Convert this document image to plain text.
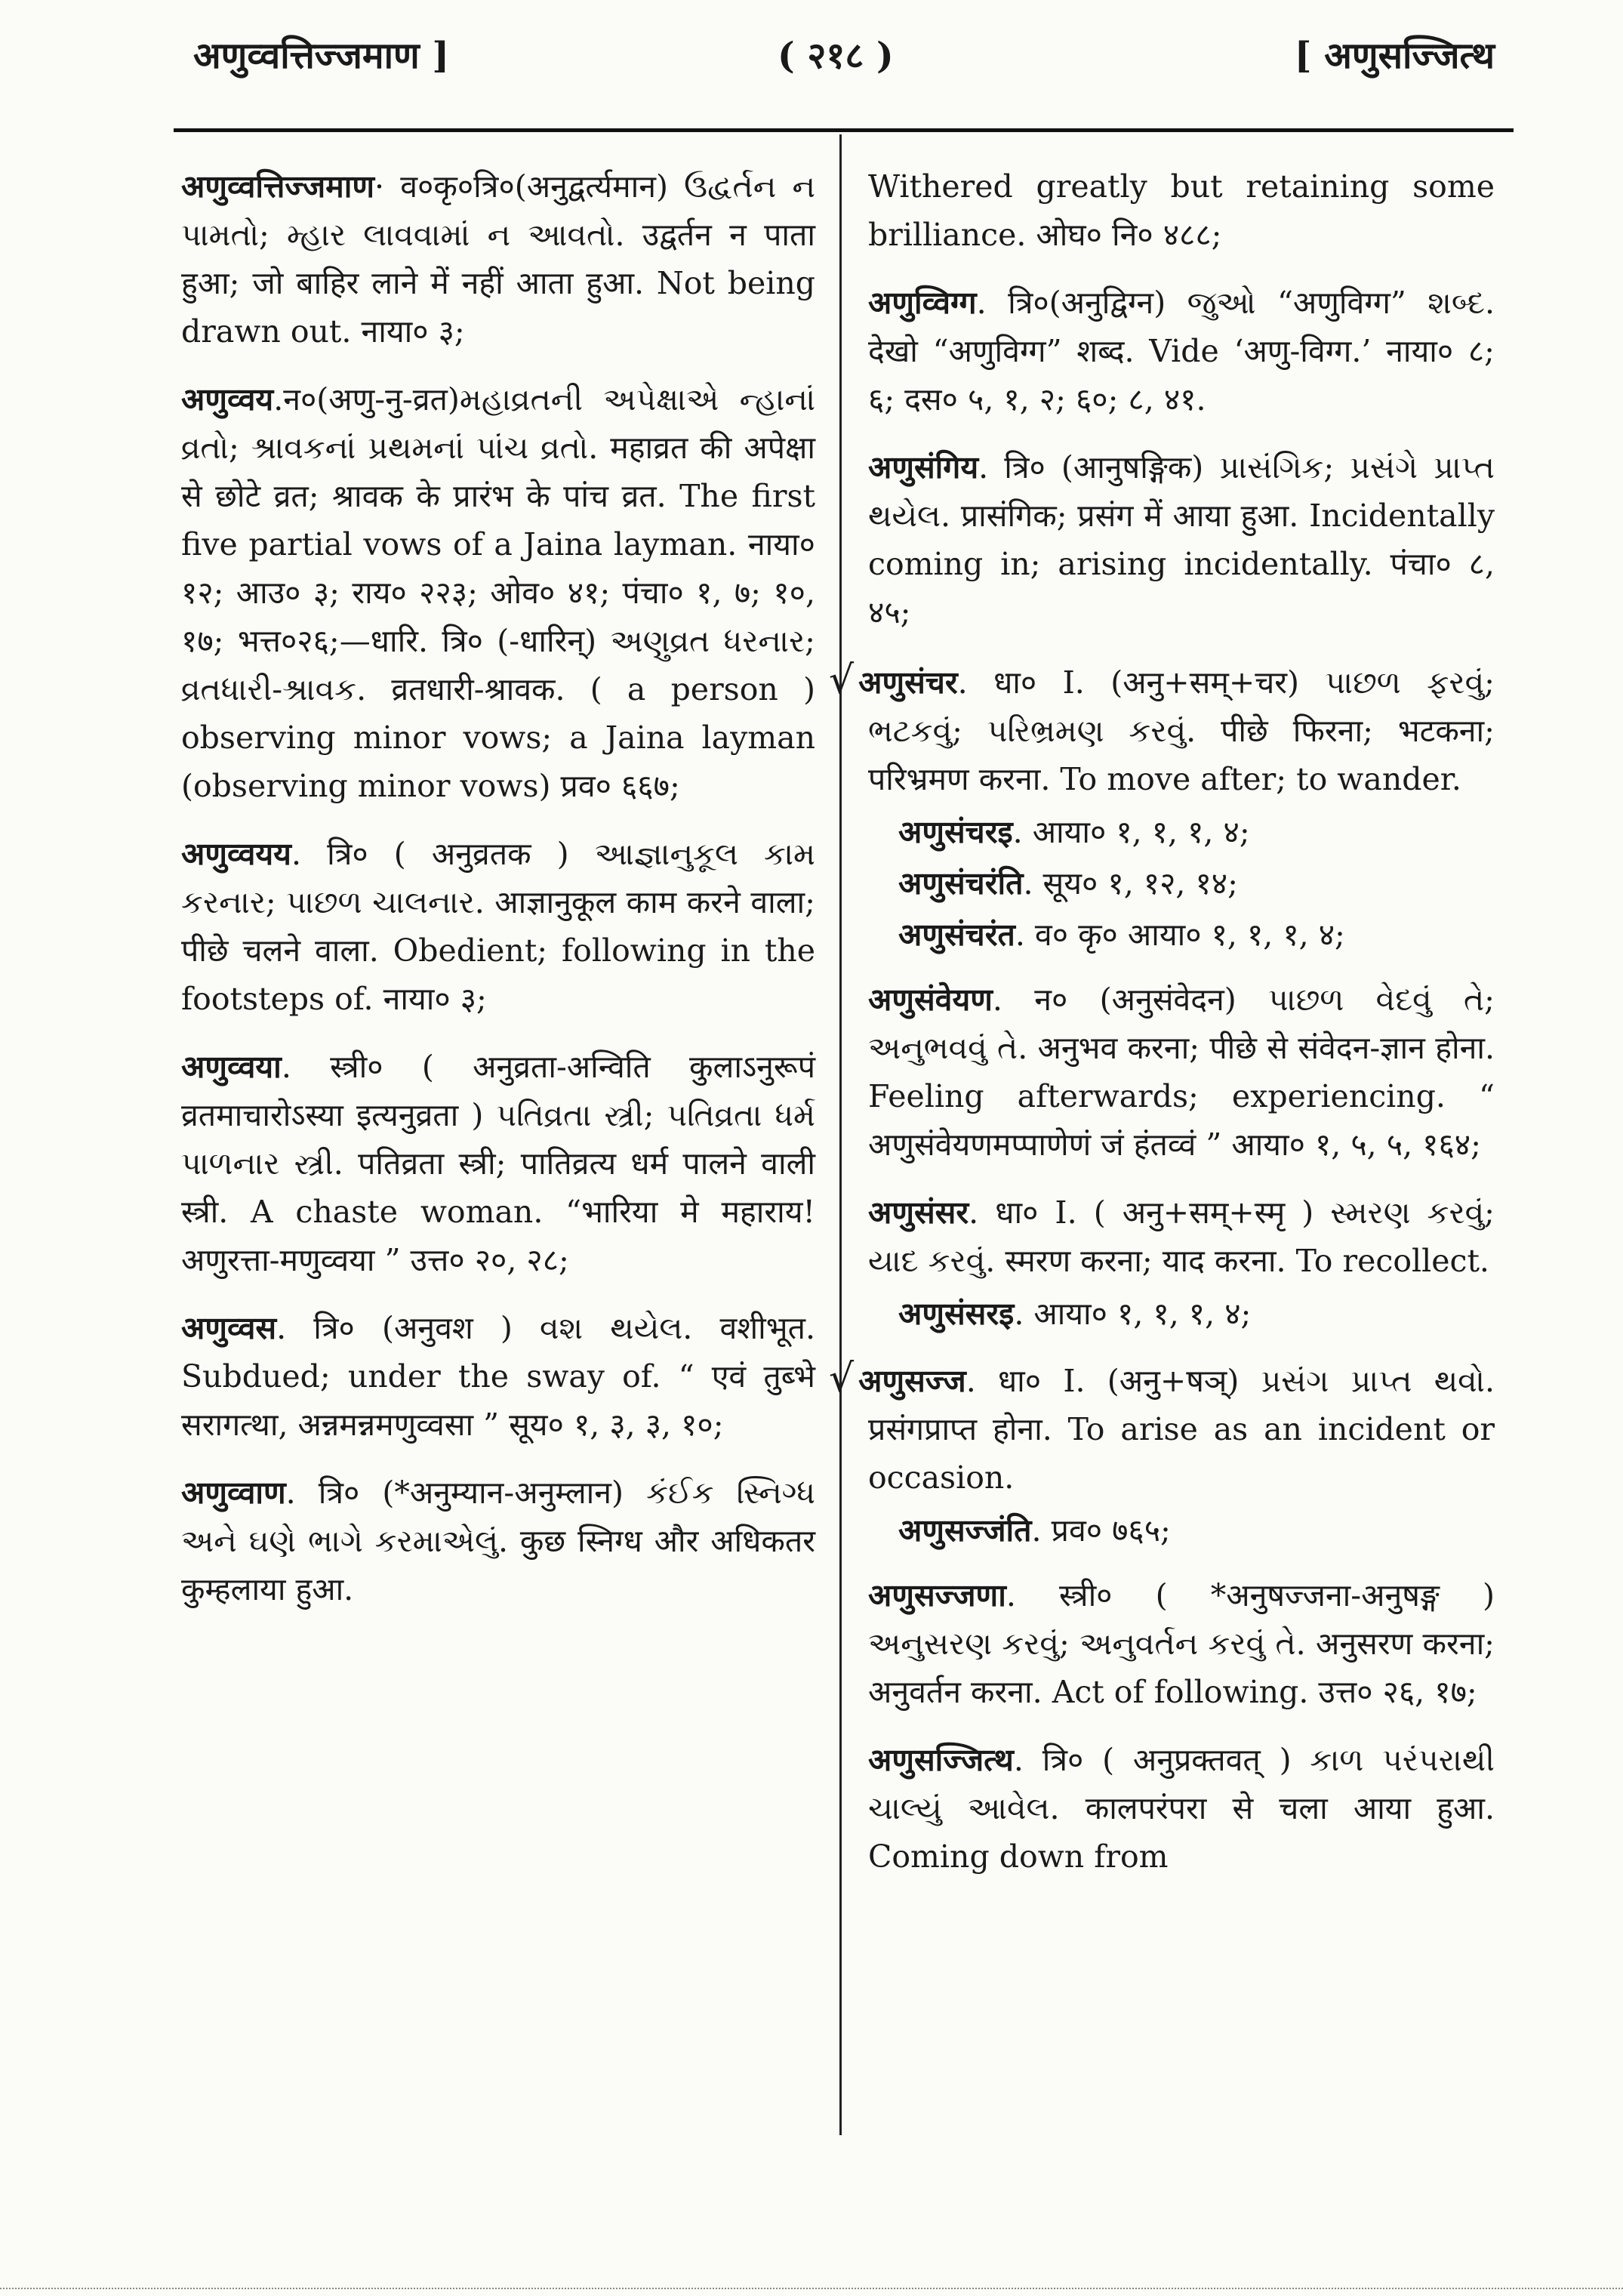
अणुव्वत्तिज्जमाण ]	( २१८ )	[ अणुसज्जित्थ

अणुव्वत्तिज्जमाण· व०कृ०त्रि०(अनुद्वर्त्यमान) ઉદ્વર્તન ન પામતો; મ્હાર લાવવામાં ન આવતો. उद्वर्तन न पाता हुआ; जो बाहिर लाने में नहीं आता हुआ. Not being drawn out. नाया० ३;

अणुव्वय.न०(अणु-नु-व्रत)મહાવ્રતની અપેક્ષાએ ન્હાનાં વ્રતો; શ્રાવકનાં પ્રથમનાં પાંચ વ્રતો. महाव्रत की अपेक्षा से छोटे व्रत; श्रावक के प्रारंभ के पांच व्रत. The first five partial vows of a Jaina layman. नाया० १२; आउ० ३; राय० २२३; ओव० ४१; पंचा० १, ७; १०, १७; भत्त०२६;—धारि. त्रि० (-धारिन्) અણુવ્રત ધરનાર; વ્રતધારી-શ્રાવક. व्रतधारी-श्रावक. ( a person ) observing minor vows; a Jaina layman (observing minor vows) प्रव० ६६७;

अणुव्वयय. त्रि० ( अनुव्रतक ) આજ્ઞાનુકૂલ કામ કરનાર; પાછળ ચાલનાર. आज्ञानुकूल काम करने वाला; पीछे चलने वाला. Obedient; following in the footsteps of. नाया० ३;

अणुव्वया. स्त्री० ( अनुव्रता-अन्विति कुलाऽनुरूपं व्रतमाचारोऽस्या इत्यनुव्रता ) પતિવ્રતા સ્ત્રી; પતિવ્રતા ધર્મ પાળનાર સ્ત્રી. पतिव्रता स्त्री; पातिव्रत्य धर्म पालने वाली स्त्री. A chaste woman. “भारिया मे महाराय! अणुरत्ता-मणुव्वया ” उत्त० २०, २८;

अणुव्वस. त्रि० (अनुवश ) વશ થયેલ. वशीभूत. Subdued; under the sway of. “ एवं तुब्भे सरागत्था, अन्नमन्नमणुव्वसा ” सूय० १, ३, ३, १०;

अणुव्वाण. त्रि० (*अनुम्यान-अनुम्लान) કંઈક સ્નિગ્ધ અને ઘણે ભાગે કરમાએલું. कुछ स्निग्ध और अधिकतर कुम्हलाया हुआ.

Withered greatly but retaining some brilliance. ओघ० नि० ४८८;

अणुव्विग्ग. त्रि०(अनुद्विग्न) જુઓ “अणुविग्ग” શબ્દ. देखो “अणुविग्ग” शब्द. Vide ‘अणु-विग्ग.’ नाया० ८; ६; दस० ५, १, २; ६०; ८, ४१.

अणुसंगिय. त्रि० (आनुषङ्गिक) પ્રાસંગિક; પ્રસંગે પ્રાપ્ત થયેલ. प्रासंगिक; प्रसंग में आया हुआ. Incidentally coming in; arising incidentally. पंचा० ८, ४५;

√ अणुसंचर. धा० I. (अनु+सम्+चर) પાછળ ફરવું; ભટકવું; પરિભ્રમણ કરવું. पीछे फिरना; भटकना; परिभ्रमण करना. To move after; to wander.

अणुसंचरइ. आया० १, १, १, ४;
अणुसंचरंति. सूय० १, १२, १४;
अणुसंचरंत. व० कृ० आया० १, १, १, ४;

अणुसंवेयण. न० (अनुसंवेदन) પાછળ વેદવું તે; અનુભવવું તે. अनुभव करना; पीछे से संवेदन-ज्ञान होना. Feeling afterwards; experiencing. “ अणुसंवेयणमप्पाणेणं जं हंतव्वं ” आया० १, ५, ५, १६४;

अणुसंसर. धा० I. ( अनु+सम्+स्मृ ) સ્મરણ કરવું; યાદ કરવું. स्मरण करना; याद करना. To recollect.

अणुसंसरइ. आया० १, १, १, ४;

√ अणुसज्ज. धा० I. (अनु+षञ्) પ્રસંગ પ્રાપ્ત થવો. प्रसंगप्राप्त होना. To arise as an incident or occasion.

अणुसज्जंति. प्रव० ७६५;

अणुसज्जणा. स्त्री० ( *अनुषज्जना-अनुषङ्ग ) અનુસરણ કરવું; અનુવર્તન કરવું તે. अनुसरण करना; अनुवर्तन करना. Act of following. उत्त० २६, १७;

अणुसज्जित्थ. त्रि० ( अनुप्रक्तवत् ) કાળ પરંપરાથી ચાલ્યું આવેલ. कालपरंपरा से चला आया हुआ. Coming down from
